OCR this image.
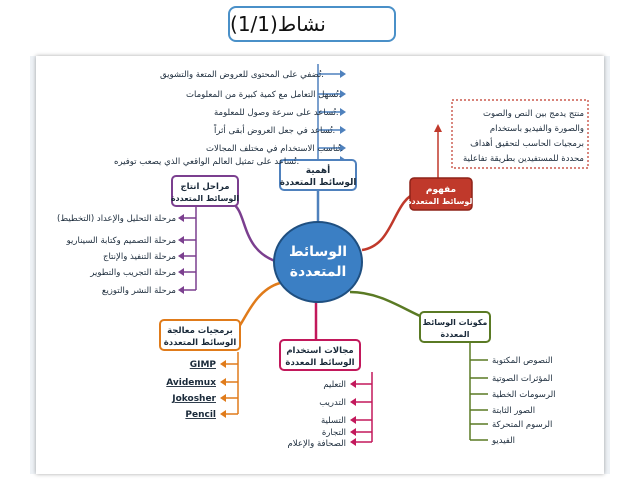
نشاط(1/1)
الوسائط
المتعددة
أهمية
الوسائط المتعددة
تُضفي على المحتوى للعروض المتعة والتشويق.
تُسهل التعامل مع كمية كبيرة من المعلومات.
تُساعد على سرعة وصول للمعلومة.
تُساعد في جعل العروض أبقى أثراً.
تُناسب الاستخدام في مختلف المجالات.
تُساعد على تمثيل العالم الواقعي الذي يصعب توفيره.
مفهوم
الوسائط المتعددة
منتج يدمج بين النص والصوت
والصورة والفيديو باستخدام
برمجيات الحاسب لتحقيق أهداف
محددة للمستفيدين بطريقة تفاعلية
مكونات الوسائط
المعددة
النصوص المكتوبة
المؤثرات الصوتية
الرسومات الخطية
الصور الثابتة
الرسوم المتحركة
الفيديو
مجالات استخدام
الوسائط المعددة
التعليم
التدريب
التسلية
التجارة
الصحافة والإعلام
برمجيات معالجة
الوسائط المتعددة
GIMP
Avidemux
Jokosher
Pencil
مراحل انتاج
الوسائط المتعددة
مرحلة التحليل والإعداد (التخطيط)
مرحلة التصميم وكتابة السيناريو
مرحلة التنفيذ والإنتاج
مرحلة التجريب والتطوير
مرحلة النشر والتوزيع
